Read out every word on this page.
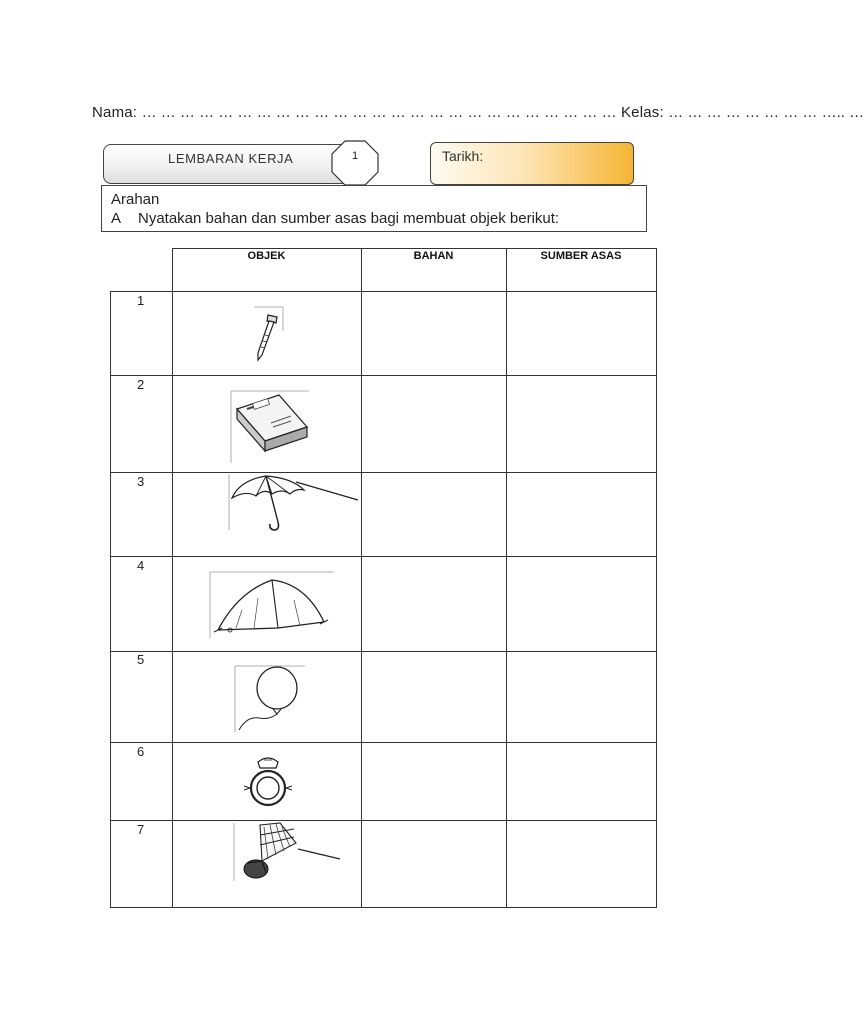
Nama: … … … … … … … … … … … … … … … … … … … … … … … … … Kelas: … … … … … … … … ….. …
LEMBARAN KERJA	1	Tarikh:
Arahan
A Nyatakan bahan dan sumber asas bagi membuat objek berikut:
OBJEK	BAHAN	SUMBER ASAS
1
2
3
4
5
6
7
